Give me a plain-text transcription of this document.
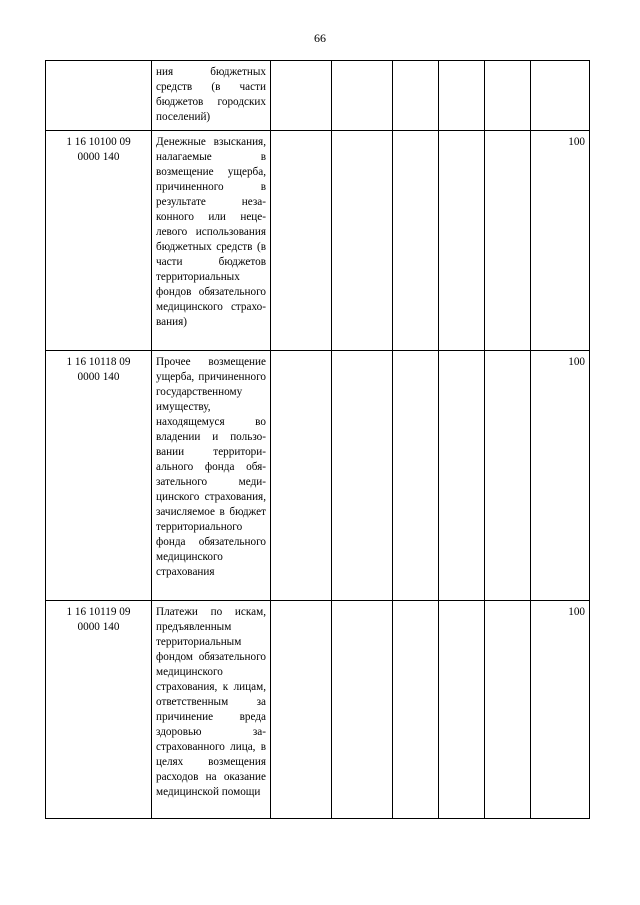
66
	ния бюджетных средств (в части бюджетов городских поселений)						

1 16 10100 09
0000 140	Денежные взыскания, налагаемые в возмещение ущерба, причиненного в результате незаконного или нецелевого использования бюджетных средств (в части бюджетов территориальных фондов обязательного медицинского страхования)						100

1 16 10118 09
0000 140	Прочее возмещение ущерба, причиненного государственному имуществу, находящемуся во владении и пользовании территориального фонда обязательного медицинского страхования, зачисляемое в бюджет территориального фонда обязательного медицинского страхования						100

1 16 10119 09
0000 140	Платежи по искам, предъявленным территориальным фондом обязательного медицинского страхования, к лицам, ответственным за причинение вреда здоровью застрахованного лица, в целях возмещения расходов на оказание медицинской помощи						100
